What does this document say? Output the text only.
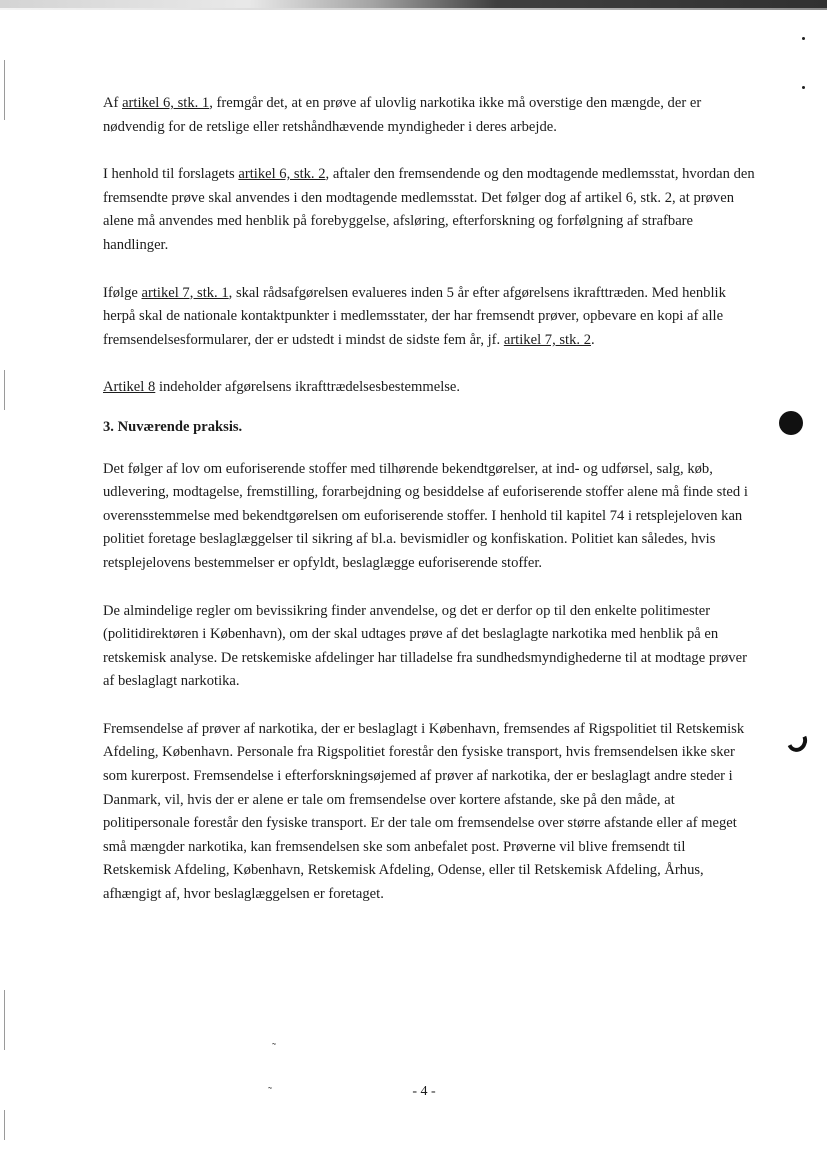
Af artikel 6, stk. 1, fremgår det, at en prøve af ulovlig narkotika ikke må overstige den mængde, der er nødvendig for de retslige eller retshåndhævende myndigheder i deres arbejde.

I henhold til forslagets artikel 6, stk. 2, aftaler den fremsendende og den modtagende medlemsstat, hvordan den fremsendte prøve skal anvendes i den modtagende medlemsstat. Det følger dog af artikel 6, stk. 2, at prøven alene må anvendes med henblik på forebyggelse, afsløring, efterforskning og forfølgning af strafbare handlinger.

Ifølge artikel 7, stk. 1, skal rådsafgørelsen evalueres inden 5 år efter afgørelsens ikrafttræden. Med henblik herpå skal de nationale kontaktpunkter i medlemsstater, der har fremsendt prøver, opbevare en kopi af alle fremsendelsesformularer, der er udstedt i mindst de sidste fem år, jf. artikel 7, stk. 2.

Artikel 8 indeholder afgørelsens ikrafttrædelsesbestemmelse.

3. Nuværende praksis.

Det følger af lov om euforiserende stoffer med tilhørende bekendtgørelser, at ind- og udførsel, salg, køb, udlevering, modtagelse, fremstilling, forarbejdning og besiddelse af euforiserende stoffer alene må finde sted i overensstemmelse med bekendtgørelsen om euforiserende stoffer. I henhold til kapitel 74 i retsplejeloven kan politiet foretage beslaglæggelser til sikring af bl.a. bevismidler og konfiskation. Politiet kan således, hvis retsplejelovens bestemmelser er opfyldt, beslaglægge euforiserende stoffer.

De almindelige regler om bevissikring finder anvendelse, og det er derfor op til den enkelte politimester (politidirektøren i København), om der skal udtages prøve af det beslaglagte narkotika med henblik på en retskemisk analyse. De retskemiske afdelinger har tilladelse fra sundhedsmyndighederne til at modtage prøver af beslaglagt narkotika.

Fremsendelse af prøver af narkotika, der er beslaglagt i København, fremsendes af Rigspolitiet til Retskemisk Afdeling, København. Personale fra Rigspolitiet forestår den fysiske transport, hvis fremsendelsen ikke sker som kurerpost. Fremsendelse i efterforskningsøjemed af prøver af narkotika, der er beslaglagt andre steder i Danmark, vil, hvis der er alene er tale om fremsendelse over kortere afstande, ske på den måde, at politipersonale forestår den fysiske transport. Er der tale om fremsendelse over større afstande eller af meget små mængder narkotika, kan fremsendelsen ske som anbefalet post. Prøverne vil blive fremsendt til Retskemisk Afdeling, København, Retskemisk Afdeling, Odense, eller til Retskemisk Afdeling, Århus, afhængigt af, hvor beslaglæggelsen er foretaget.

˜
˜	- 4 -
